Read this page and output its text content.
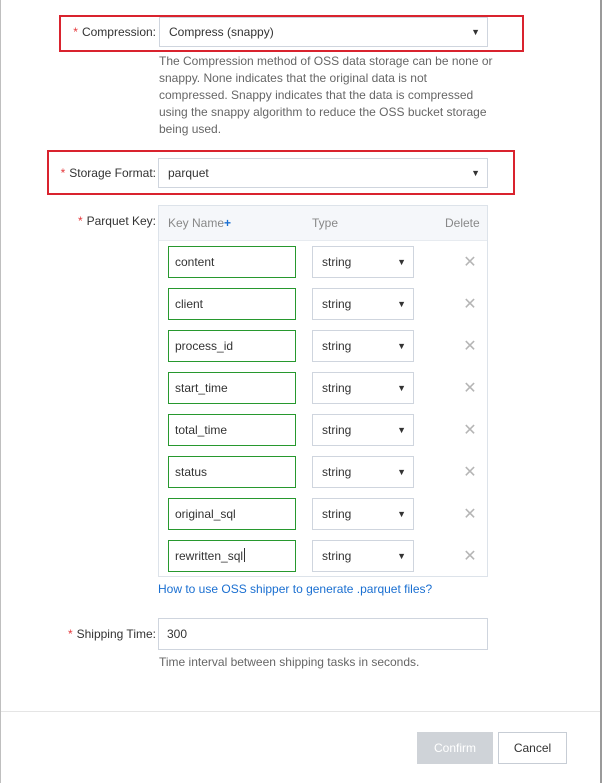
* Compression:	Compress (snappy)	▼
The Compression method of OSS data storage can be none or
snappy. None indicates that the original data is not
compressed. Snappy indicates that the data is compressed
using the snappy algorithm to reduce the OSS bucket storage
being used.
* Storage Format:	parquet	▼
* Parquet Key: Key Name+	Type	Delete
content	string	▼	✕
client	string	▼	✕
process_id	string	▼	✕
start_time	string	▼	✕
total_time	string	▼	✕
status	string	▼	✕
original_sql	string	▼	✕
rewritten_sql	string	▼	✕
How to use OSS shipper to generate .parquet files?
* Shipping Time: 300
Time interval between shipping tasks in seconds.
Confirm	Cancel
